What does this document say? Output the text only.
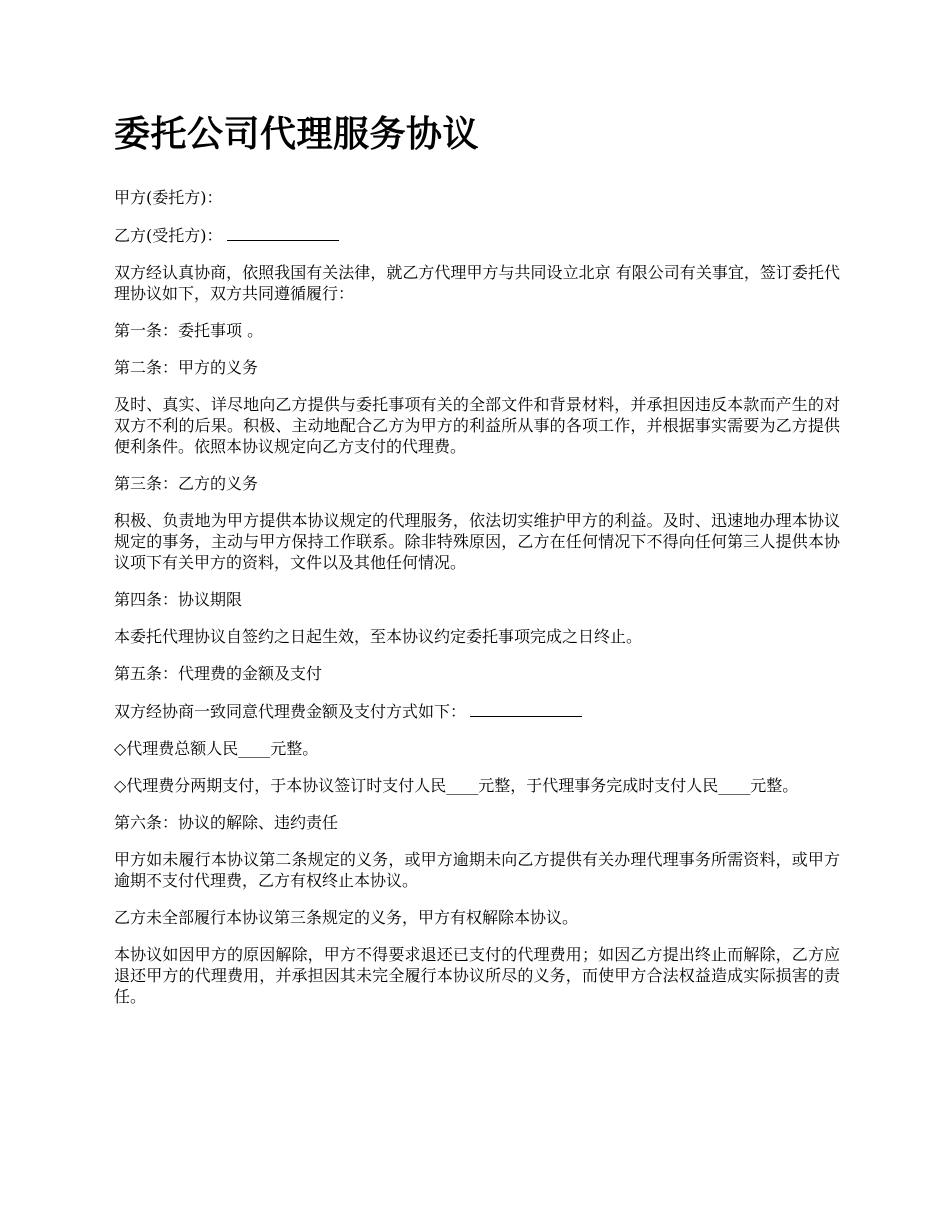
委托公司代理服务协议

甲方(委托方)：

乙方(受托方)：

双方经认真协商，依照我国有关法律，就乙方代理甲方与共同设立北京 有限公司有关事宜，签订委托代理协议如下，双方共同遵循履行：

第一条：委托事项 。

第二条：甲方的义务

及时、真实、详尽地向乙方提供与委托事项有关的全部文件和背景材料，并承担因违反本款而产生的对双方不利的后果。积极、主动地配合乙方为甲方的利益所从事的各项工作，并根据事实需要为乙方提供便利条件。依照本协议规定向乙方支付的代理费。

第三条：乙方的义务

积极、负责地为甲方提供本协议规定的代理服务，依法切实维护甲方的利益。及时、迅速地办理本协议规定的事务，主动与甲方保持工作联系。除非特殊原因，乙方在任何情况下不得向任何第三人提供本协议项下有关甲方的资料，文件以及其他任何情况。

第四条：协议期限

本委托代理协议自签约之日起生效，至本协议约定委托事项完成之日终止。

第五条：代理费的金额及支付

双方经协商一致同意代理费金额及支付方式如下：

◇代理费总额人民____元整。

◇代理费分两期支付，于本协议签订时支付人民____元整，于代理事务完成时支付人民____元整。

第六条：协议的解除、违约责任

甲方如未履行本协议第二条规定的义务，或甲方逾期未向乙方提供有关办理代理事务所需资料，或甲方逾期不支付代理费，乙方有权终止本协议。

乙方未全部履行本协议第三条规定的义务，甲方有权解除本协议。

本协议如因甲方的原因解除，甲方不得要求退还已支付的代理费用；如因乙方提出终止而解除，乙方应退还甲方的代理费用，并承担因其未完全履行本协议所尽的义务，而使甲方合法权益造成实际损害的责任。
